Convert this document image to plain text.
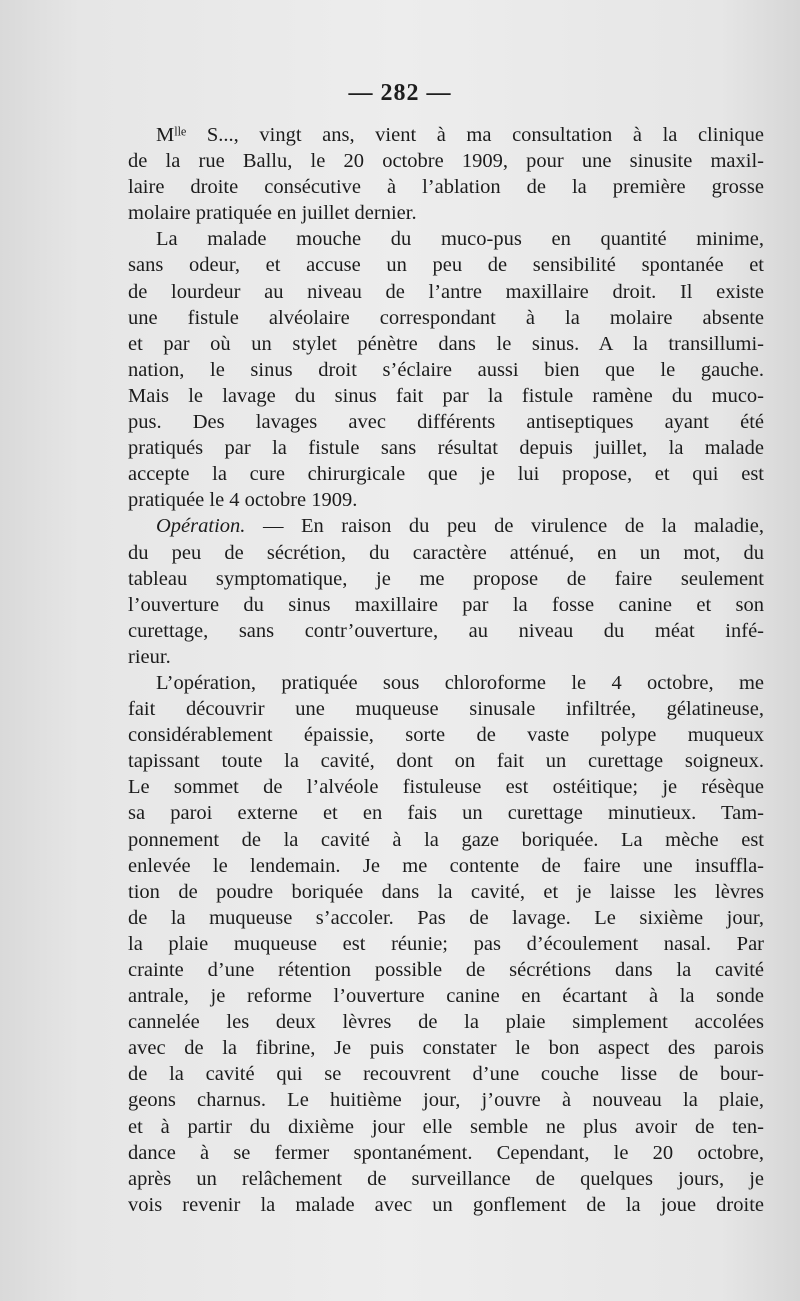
— 282 —
Mˡˡᵉ S..., vingt ans, vient à ma consultation à la clinique
de la rue Ballu, le 20 octobre 1909, pour une sinusite maxil-
laire droite consécutive à l’ablation de la première grosse
molaire pratiquée en juillet dernier.
La malade mouche du muco-pus en quantité minime,
sans odeur, et accuse un peu de sensibilité spontanée et
de lourdeur au niveau de l’antre maxillaire droit. Il existe
une fistule alvéolaire correspondant à la molaire absente
et par où un stylet pénètre dans le sinus. A la transillumi-
nation, le sinus droit s’éclaire aussi bien que le gauche.
Mais le lavage du sinus fait par la fistule ramène du muco-
pus. Des lavages avec différents antiseptiques ayant été
pratiqués par la fistule sans résultat depuis juillet, la malade
accepte la cure chirurgicale que je lui propose, et qui est
pratiquée le 4 octobre 1909.
Opération. — En raison du peu de virulence de la maladie,
du peu de sécrétion, du caractère atténué, en un mot, du
tableau symptomatique, je me propose de faire seulement
l’ouverture du sinus maxillaire par la fosse canine et son
curettage, sans contr’ouverture, au niveau du méat infé-
rieur.
L’opération, pratiquée sous chloroforme le 4 octobre, me
fait découvrir une muqueuse sinusale infiltrée, gélatineuse,
considérablement épaissie, sorte de vaste polype muqueux
tapissant toute la cavité, dont on fait un curettage soigneux.
Le sommet de l’alvéole fistuleuse est ostéitique; je résèque
sa paroi externe et en fais un curettage minutieux. Tam-
ponnement de la cavité à la gaze boriquée. La mèche est
enlevée le lendemain. Je me contente de faire une insuffla-
tion de poudre boriquée dans la cavité, et je laisse les lèvres
de la muqueuse s’accoler. Pas de lavage. Le sixième jour,
la plaie muqueuse est réunie; pas d’écoulement nasal. Par
crainte d’une rétention possible de sécrétions dans la cavité
antrale, je reforme l’ouverture canine en écartant à la sonde
cannelée les deux lèvres de la plaie simplement accolées
avec de la fibrine, Je puis constater le bon aspect des parois
de la cavité qui se recouvrent d’une couche lisse de bour-
geons charnus. Le huitième jour, j’ouvre à nouveau la plaie,
et à partir du dixième jour elle semble ne plus avoir de ten-
dance à se fermer spontanément. Cependant, le 20 octobre,
après un relâchement de surveillance de quelques jours, je
vois revenir la malade avec un gonflement de la joue droite
